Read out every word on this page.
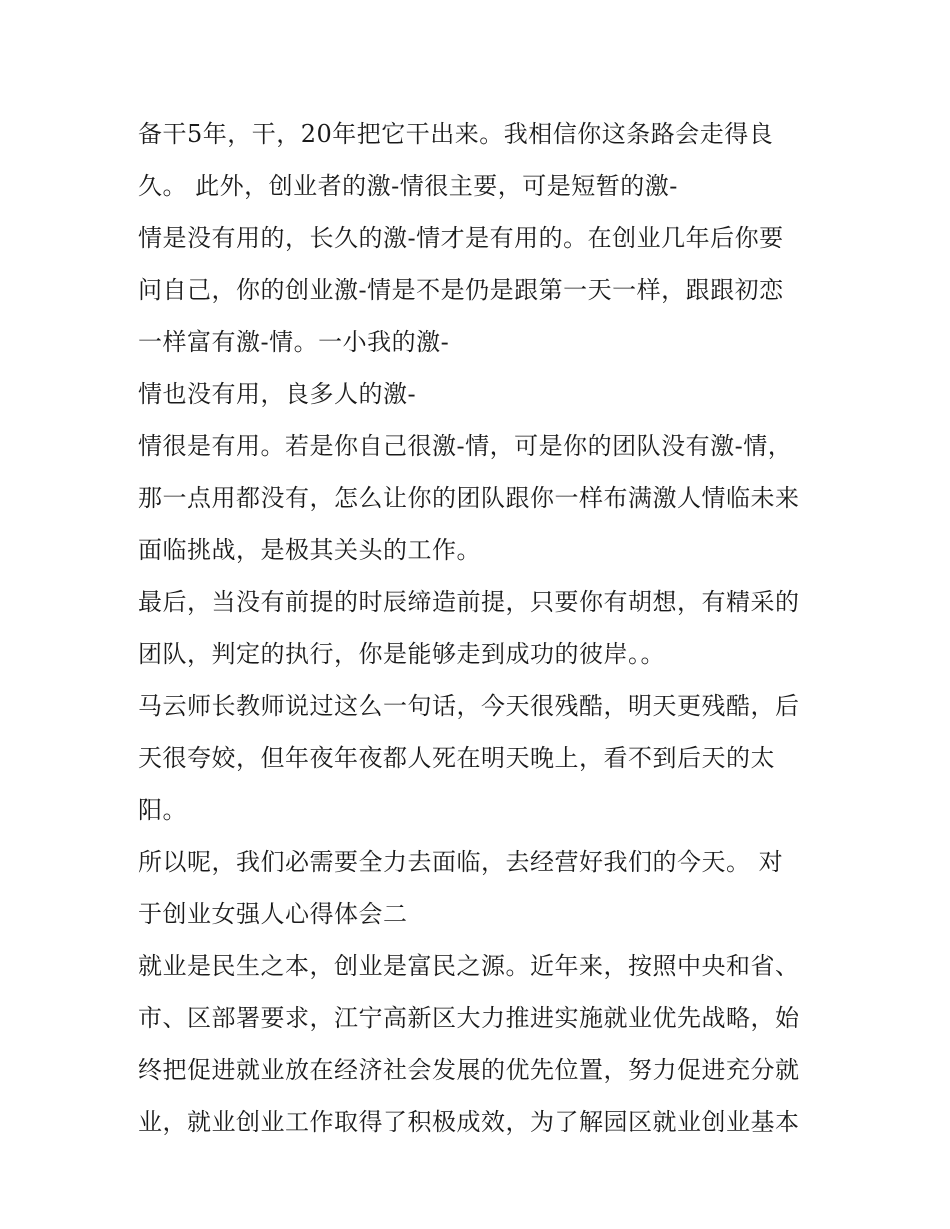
备干5年，干，20年把它干出来。我相信你这条路会走得良
久。 此外，创业者的激-情很主要，可是短暂的激-
情是没有用的，长久的激-情才是有用的。在创业几年后你要
问自己，你的创业激-情是不是仍是跟第一天一样，跟跟初恋
一样富有激-情。一小我的激-
情也没有用，良多人的激-
情很是有用。若是你自己很激-情，可是你的团队没有激-情，
那一点用都没有，怎么让你的团队跟你一样布满激人情临未来
面临挑战，是极其关头的工作。
最后，当没有前提的时辰缔造前提，只要你有胡想，有精采的
团队，判定的执行，你是能够走到成功的彼岸。。
马云师长教师说过这么一句话，今天很残酷，明天更残酷，后
天很夸姣，但年夜年夜都人死在明天晚上，看不到后天的太
阳。
所以呢，我们必需要全力去面临，去经营好我们的今天。 对
于创业女强人心得体会二
就业是民生之本，创业是富民之源。近年来，按照中央和省、
市、区部署要求，江宁高新区大力推进实施就业优先战略，始
终把促进就业放在经济社会发展的优先位置，努力促进充分就
业，就业创业工作取得了积极成效，为了解园区就业创业基本
